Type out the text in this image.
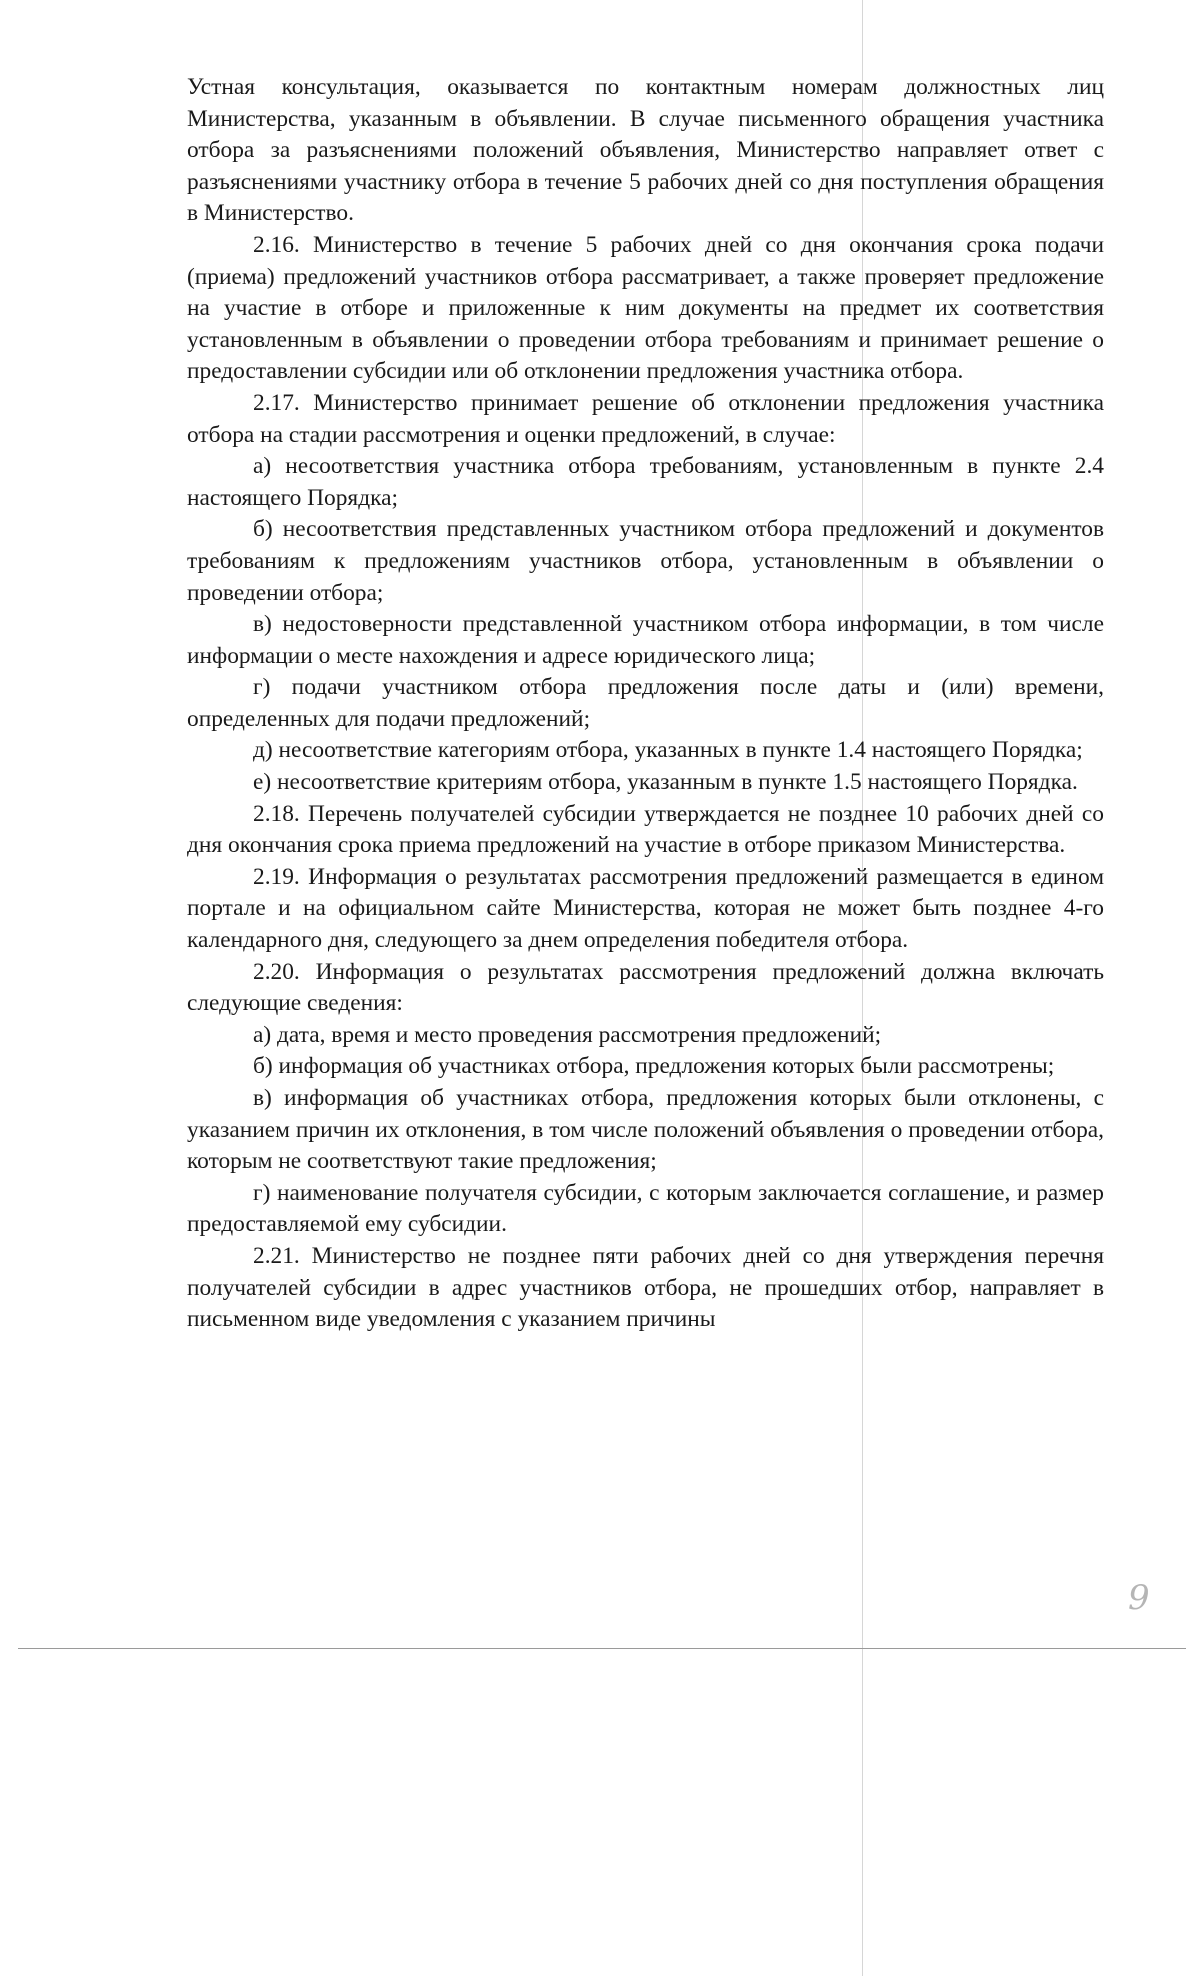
Устная консультация, оказывается по контактным номерам должностных лиц Министерства, указанным в объявлении. В случае письменного обращения участника отбора за разъяснениями положений объявления, Министерство направляет ответ с разъяснениями участнику отбора в течение 5 рабочих дней со дня поступления обращения в Министерство.

2.16. Министерство в течение 5 рабочих дней со дня окончания срока подачи (приема) предложений участников отбора рассматривает, а также проверяет предложение на участие в отборе и приложенные к ним документы на предмет их соответствия установленным в объявлении о проведении отбора требованиям и принимает решение о предоставлении субсидии или об отклонении предложения участника отбора.

2.17. Министерство принимает решение об отклонении предложения участника отбора на стадии рассмотрения и оценки предложений, в случае:

а) несоответствия участника отбора требованиям, установленным в пункте 2.4 настоящего Порядка;

б) несоответствия представленных участником отбора предложений и документов требованиям к предложениям участников отбора, установленным в объявлении о проведении отбора;

в) недостоверности представленной участником отбора информации, в том числе информации о месте нахождения и адресе юридического лица;

г) подачи участником отбора предложения после даты и (или) времени, определенных для подачи предложений;

д) несоответствие категориям отбора, указанных в пункте 1.4 настоящего Порядка;

е) несоответствие критериям отбора, указанным в пункте 1.5 настоящего Порядка.

2.18. Перечень получателей субсидии утверждается не позднее 10 рабочих дней со дня окончания срока приема предложений на участие в отборе приказом Министерства.

2.19. Информация о результатах рассмотрения предложений размещается в едином портале и на официальном сайте Министерства, которая не может быть позднее 4-го календарного дня, следующего за днем определения победителя отбора.

2.20. Информация о результатах рассмотрения предложений должна включать следующие сведения:

а) дата, время и место проведения рассмотрения предложений;

б) информация об участниках отбора, предложения которых были рассмотрены;

в) информация об участниках отбора, предложения которых были отклонены, с указанием причин их отклонения, в том числе положений объявления о проведении отбора, которым не соответствуют такие предложения;

г) наименование получателя субсидии, с которым заключается соглашение, и размер предоставляемой ему субсидии.

2.21. Министерство не позднее пяти рабочих дней со дня утверждения перечня получателей субсидии в адрес участников отбора, не прошедших отбор, направляет в письменном виде уведомления с указанием причины

9
